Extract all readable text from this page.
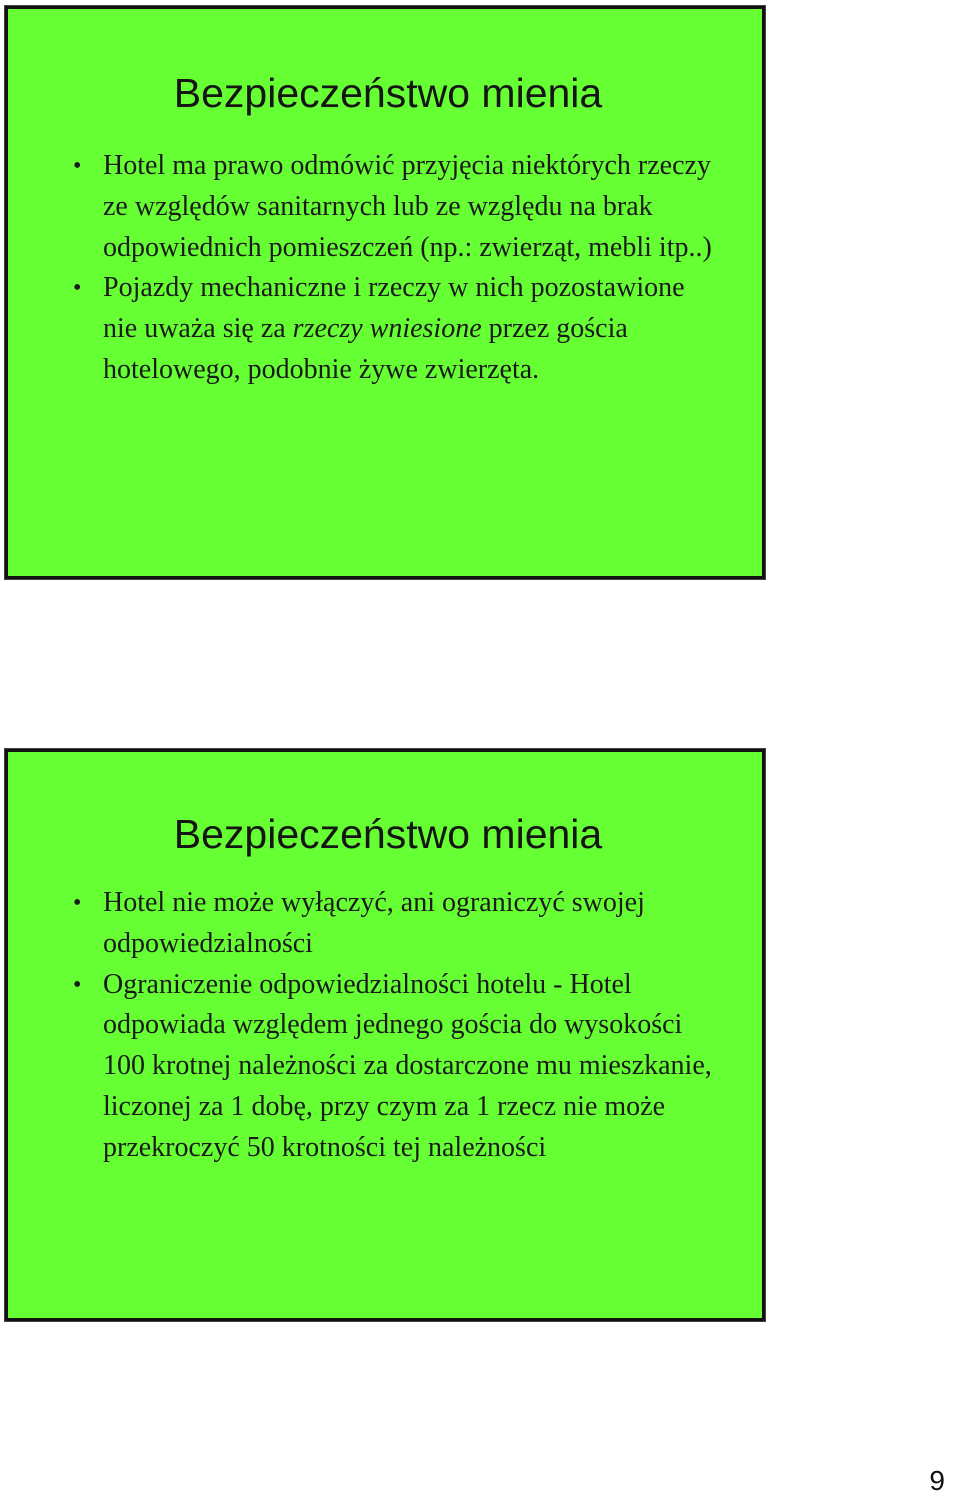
Bezpieczeństwo mienia
• Hotel ma prawo odmówić przyjęcia niektórych rzeczy ze względów sanitarnych lub ze względu na brak odpowiednich pomieszczeń (np.: zwierząt, mebli itp..)
• Pojazdy mechaniczne i rzeczy w nich pozostawione nie uważa się za rzeczy wniesione przez gościa hotelowego, podobnie żywe zwierzęta.
Bezpieczeństwo mienia
• Hotel nie może wyłączyć, ani ograniczyć swojej odpowiedzialności
• Ograniczenie odpowiedzialności hotelu - Hotel odpowiada względem jednego gościa do wysokości 100 krotnej należności za dostarczone mu mieszkanie, liczonej za 1 dobę, przy czym za 1 rzecz nie może przekroczyć 50 krotności tej należności
9
